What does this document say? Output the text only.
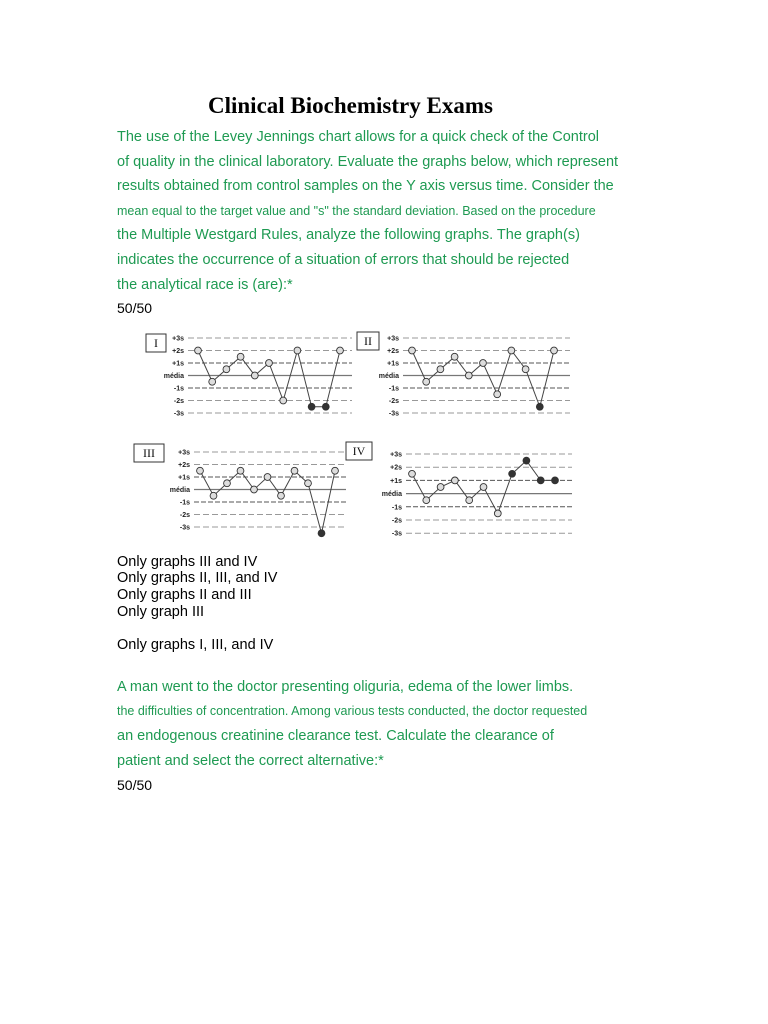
Clinical Biochemistry Exams
The use of the Levey Jennings chart allows for a quick check of the Control
of quality in the clinical laboratory. Evaluate the graphs below, which represent
results obtained from control samples on the Y axis versus time. Consider the
mean equal to the target value and "s" the standard deviation. Based on the procedure
the Multiple Westgard Rules, analyze the following graphs. The graph(s)
indicates the occurrence of a situation of errors that should be rejected
the analytical race is (are):*
50/50
I +3s
+2s
+1s
média
-1s
-2s
-3s
II +3s
+2s
+1s
média
-1s
-2s
-3s
III	+3s
+2s
+1s
média
-1s
-2s
-3s
IV	+3s
+2s
+1s
média
-1s
-2s
-3s
Only graphs III and IV
Only graphs II, III, and IV
Only graphs II and III
Only graph III
Only graphs I, III, and IV
A man went to the doctor presenting oliguria, edema of the lower limbs.
the difficulties of concentration. Among various tests conducted, the doctor requested
an endogenous creatinine clearance test. Calculate the clearance of
patient and select the correct alternative:*
50/50
